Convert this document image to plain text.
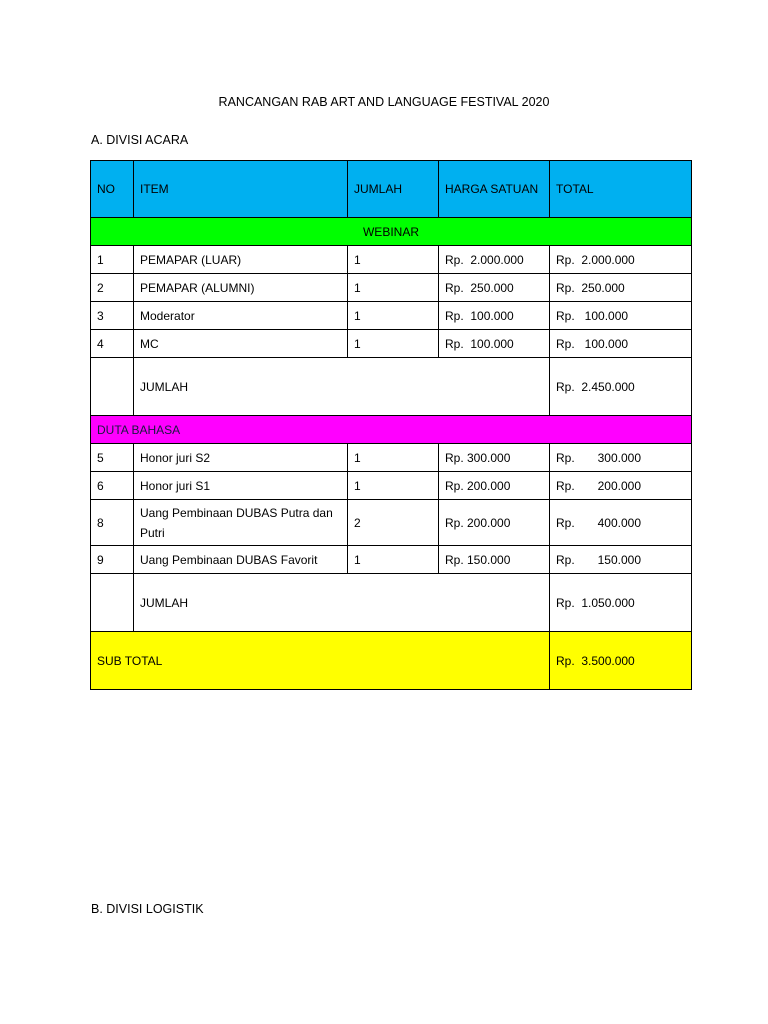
RANCANGAN RAB ART AND LANGUAGE FESTIVAL 2020
A. DIVISI ACARA
NO	ITEM	JUMLAH	HARGA SATUAN	TOTAL
WEBINAR				
1	PEMAPAR (LUAR)	1	Rp.  2.000.000	Rp.  2.000.000
2	PEMAPAR (ALUMNI)	1	Rp.  250.000	Rp.  250.000
3	Moderator	1	Rp.  100.000	Rp.   100.000
4	MC	1	Rp.  100.000	Rp.   100.000
	JUMLAH			Rp.  2.450.000
DUTA BAHASA				
5	Honor juri S2	1	Rp. 300.000	Rp. 300.000

6	Honor juri S1	1	Rp. 200.000	Rp. 200.000

8	Uang Pembinaan DUBAS Putra dan Putri	2	Rp. 200.000	Rp. 400.000

9	Uang Pembinaan DUBAS Favorit	1	Rp. 150.000	Rp. 150.000

	JUMLAH			Rp.  1.050.000
SUB TOTAL				Rp.  3.500.000
B. DIVISI LOGISTIK
